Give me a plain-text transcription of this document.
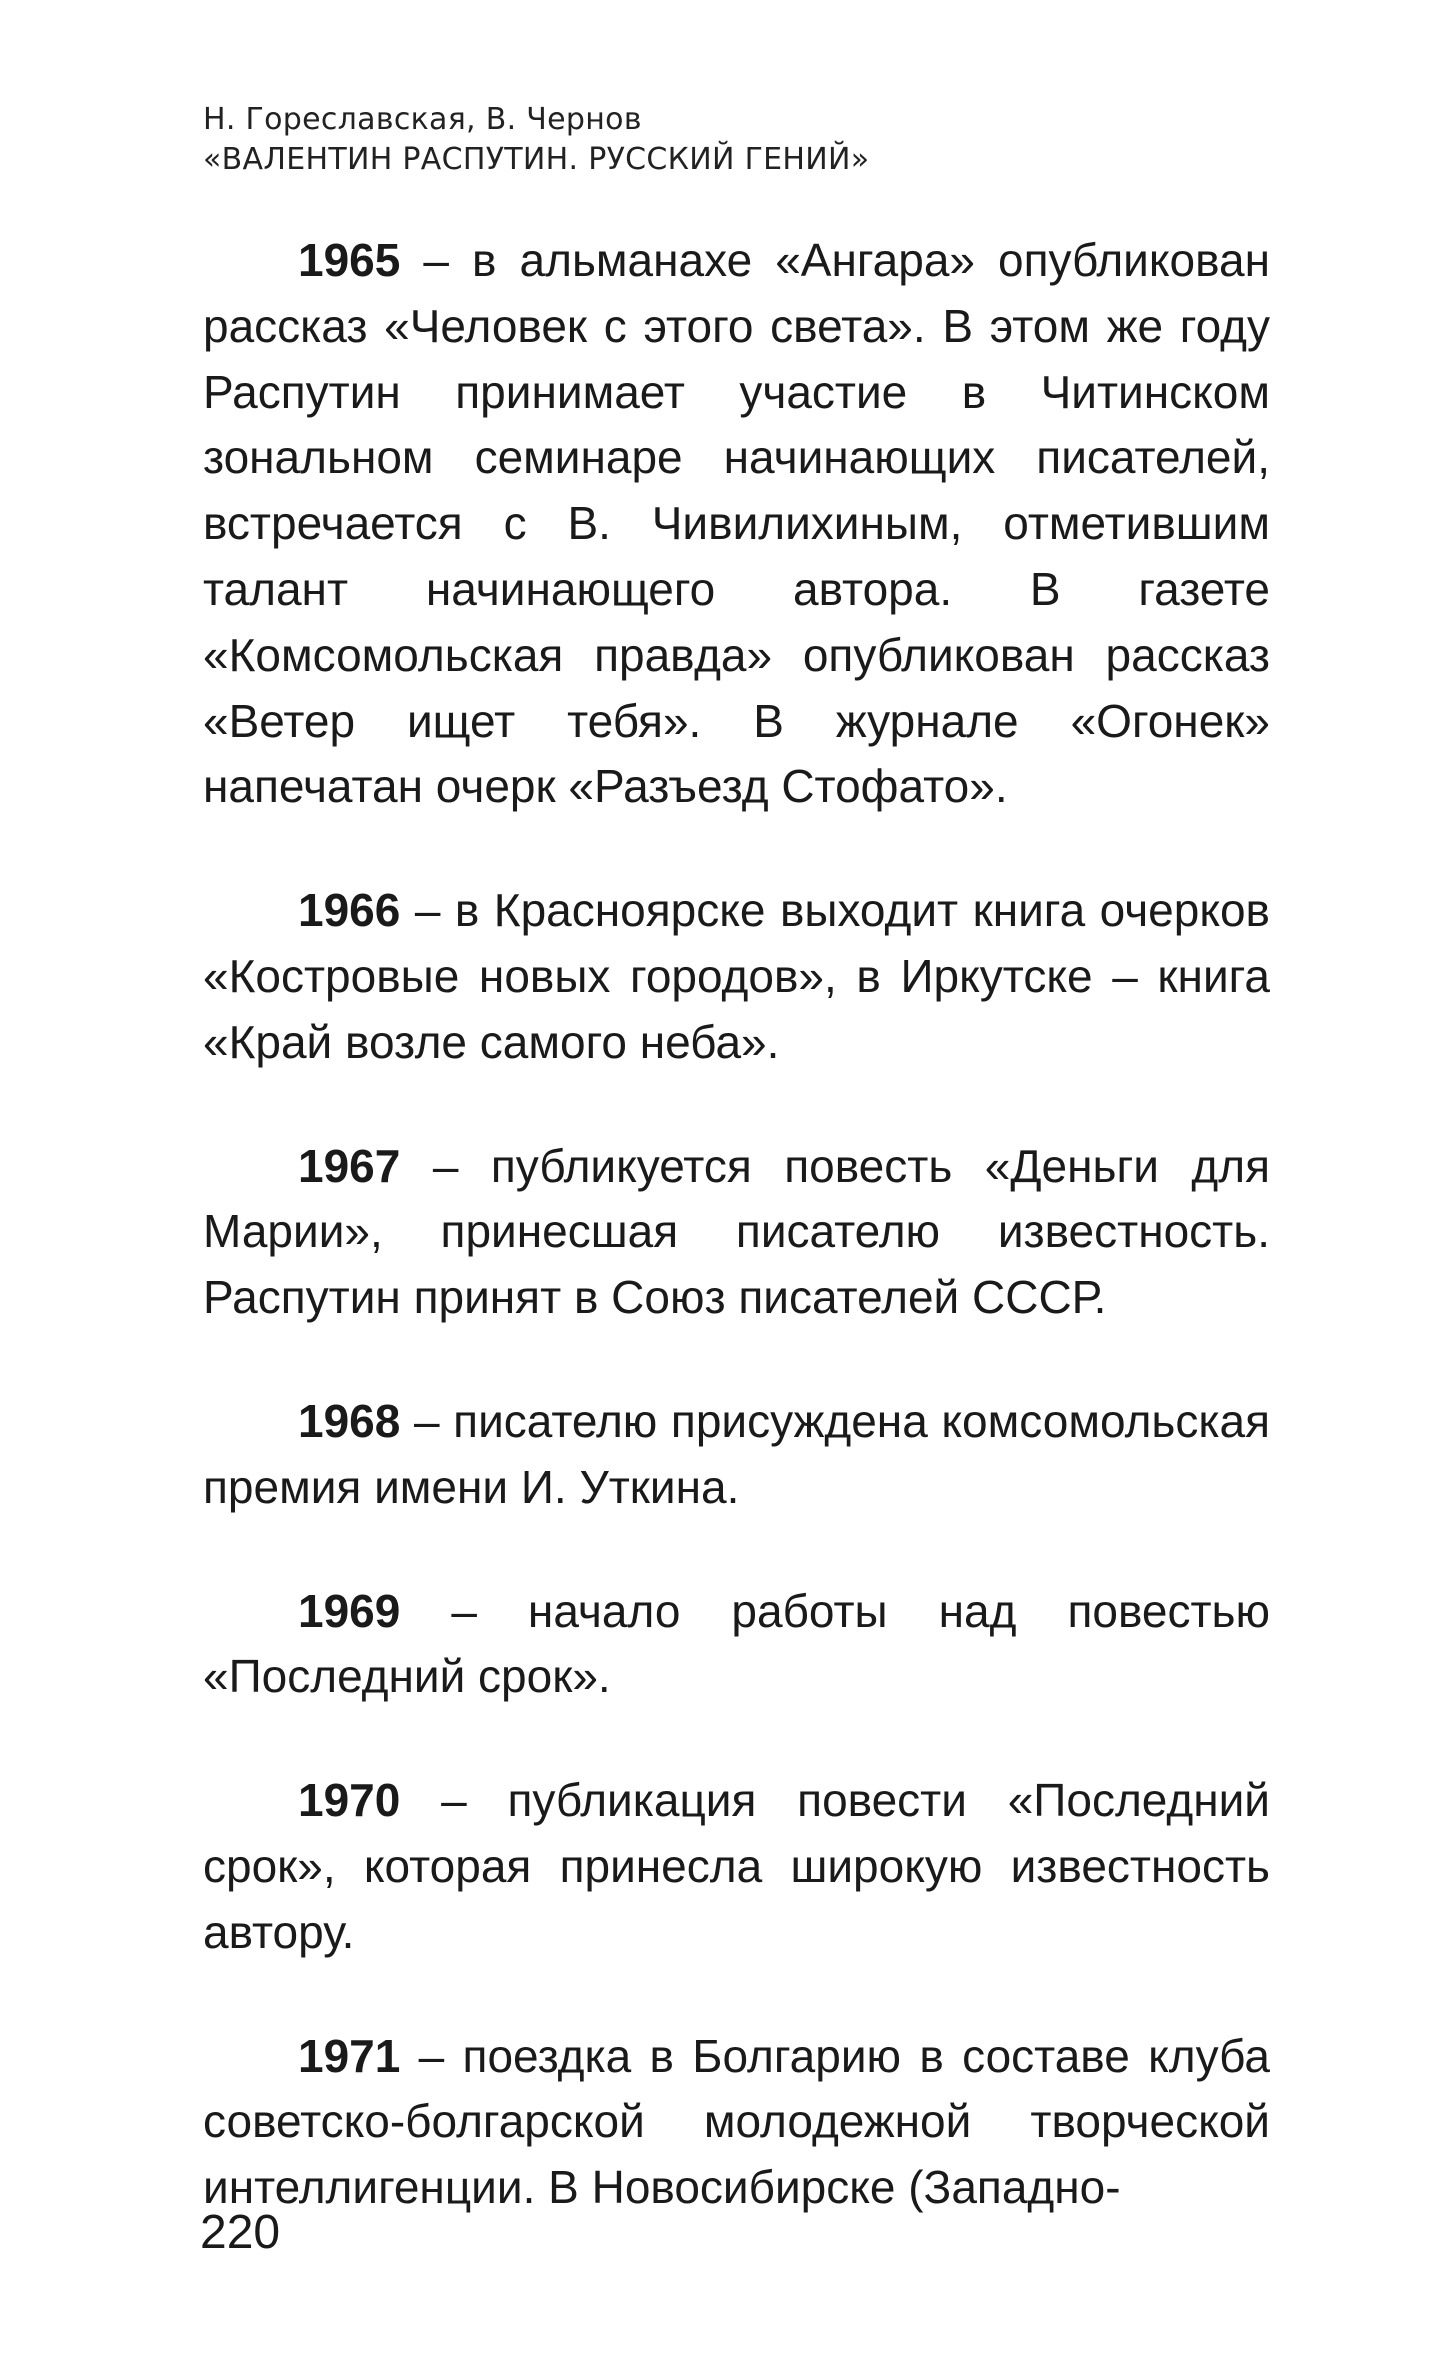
Н. Гореславская, В. Чернов
«ВАЛЕНТИН РАСПУТИН. РУССКИЙ ГЕНИЙ»

1965 – в альманахе «Ангара» опубликован рассказ «Человек с этого света». В этом же году Распутин принимает участие в Читинском зональном семинаре начинающих писателей, встречается с В. Чивилихиным, отметившим талант начинающего автора. В газете «Комсомольская правда» опубликован рассказ «Ветер ищет тебя». В журнале «Огонек» напечатан очерк «Разъезд Стофато».

1966 – в Красноярске выходит книга очерков «Костровые новых городов», в Иркутске – книга «Край возле самого неба».

1967 – публикуется повесть «Деньги для Марии», принесшая писателю известность. Распутин принят в Союз писателей СССР.

1968 – писателю присуждена комсомольская премия имени И. Уткина.

1969 – начало работы над повестью «Последний срок».

1970 – публикация повести «Последний срок», которая принесла широкую известность автору.

1971 – поездка в Болгарию в составе клуба советско-болгарской молодежной творческой интеллигенции. В Новосибирске (Западно-

220
